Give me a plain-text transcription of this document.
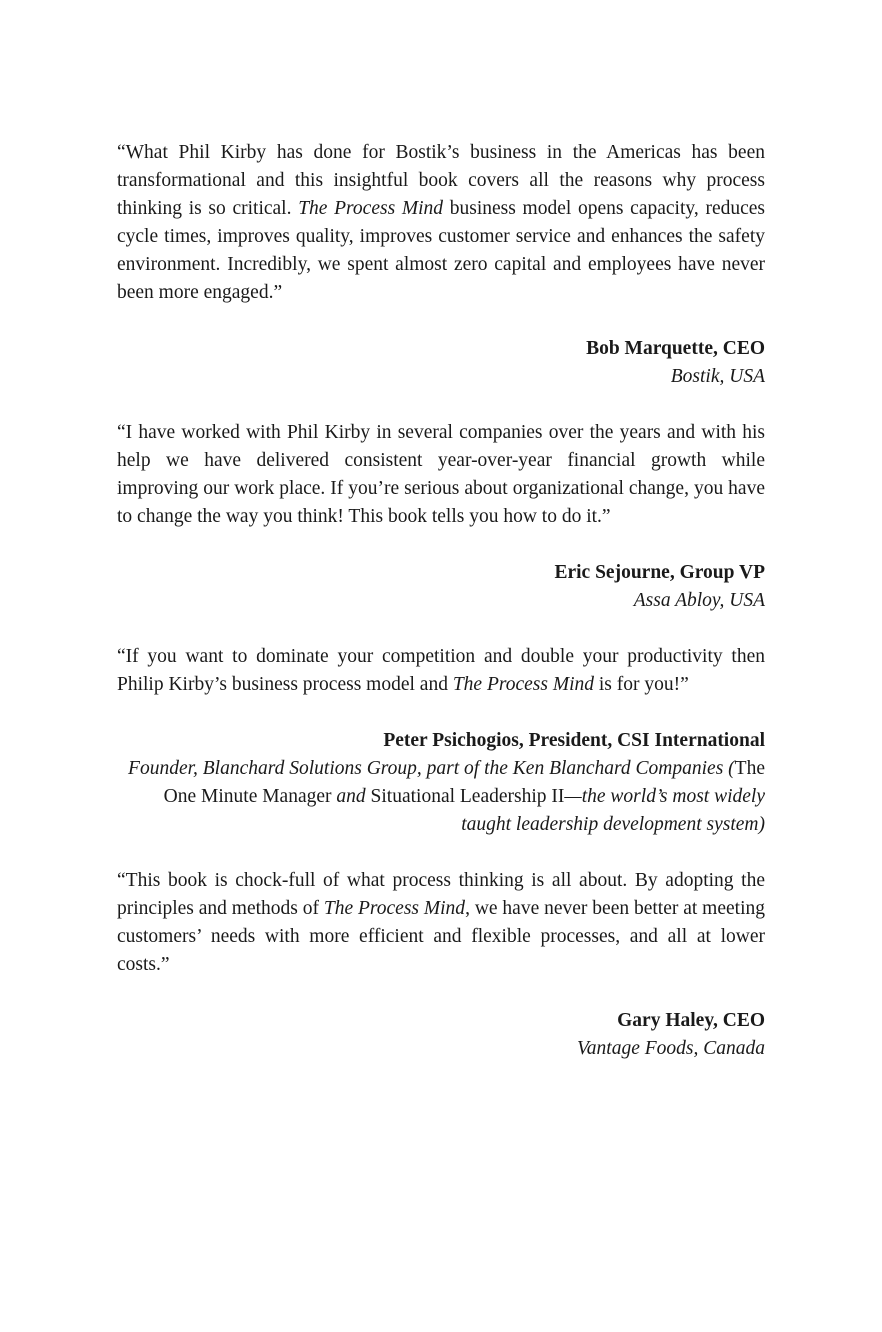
“What Phil Kirby has done for Bostik’s business in the Americas has been transformational and this insightful book covers all the reasons why process thinking is so critical. The Process Mind business model opens capacity, reduces cycle times, improves quality, improves customer service and enhances the safety environment. Incredibly, we spent almost zero capital and employees have never been more engaged.”

Bob Marquette, CEO
Bostik, USA

“I have worked with Phil Kirby in several companies over the years and with his help we have delivered consistent year-over-year financial growth while improving our work place. If you’re serious about organizational change, you have to change the way you think! This book tells you how to do it.”

Eric Sejourne, Group VP
Assa Abloy, USA

“If you want to dominate your competition and double your productivity then Philip Kirby’s business process model and The Process Mind is for you!”

Peter Psichogios, President, CSI International
Founder, Blanchard Solutions Group, part of the Ken Blanchard Companies (The One Minute Manager and Situational Leadership II—the world’s most widely taught leadership development system)

“This book is chock-full of what process thinking is all about. By adopting the principles and methods of The Process Mind, we have never been better at meeting customers’ needs with more efficient and flexible processes, and all at lower costs.”

Gary Haley, CEO
Vantage Foods, Canada
